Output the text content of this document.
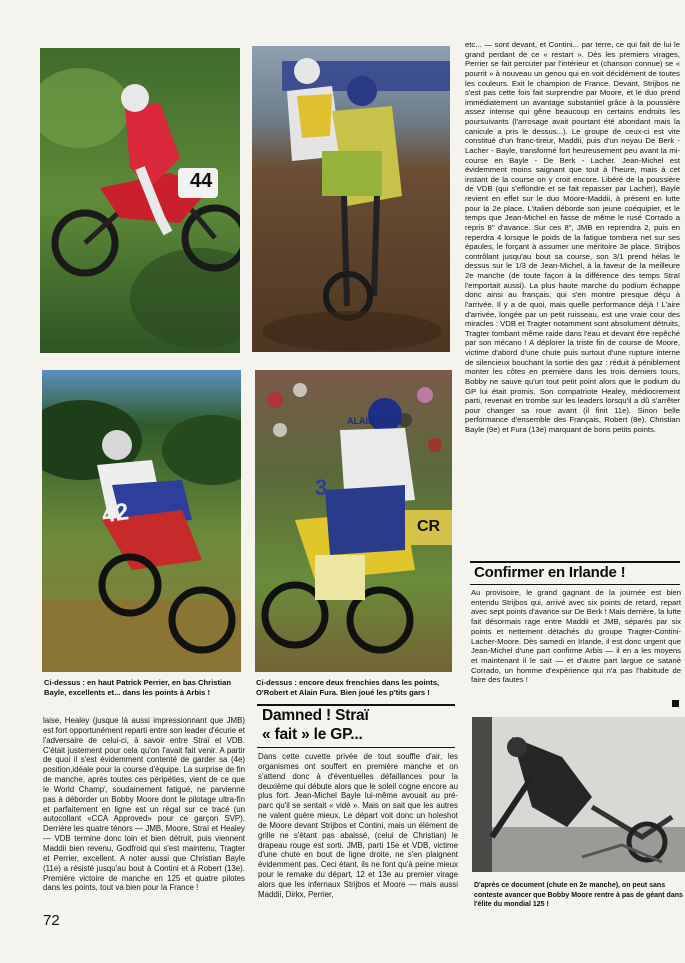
44
42
ALAIN FURA
3
CR
Ci-dessus : en haut Patrick Perrier, en bas Christian Bayle, excellents et... dans les points à Arbis !
Ci-dessus : encore deux frenchies dans les points, O'Robert et Alain Fura. Bien joué les p'tits gars !
D'après ce document (chute en 2e manche), on peut sans conteste avancer que Bobby Moore rentre à pas de géant dans l'élite du mondial 125 !

laise, Healey (jusque là aussi impressionnant que JMB) est fort opportunément reparti entre son leader d'écurie et l'adversaire de celui-ci, à savoir entre Straï et VDB. C'était justement pour cela qu'on l'avait fait venir. A partir de quoi il s'est évidemment contenté de garder sa (4e) position,idéale pour la course d'équipe. La surprise de fin de manche, après toutes ces péripéties, vient de ce que le World Champ', soudainement fatigué, ne parvienne pas à déborder un Bobby Moore dont le pilotage ultra-fin et parfaitement en ligne est un régal sur ce tracé (un autocollant «CCA Approved» pour ce garçon SVP). Derrière les quatre ténors — JMB, Moore, Straï et Healey — VDB termine donc loin et bien détruit, puis viennent Maddii bien revenu, Godfroid qui s'est maintenu, Tragter et Perrier, excellent. A noter aussi que Christian Bayle (11e) a résisté jusqu'au bout à Contini et à Robert (13e). Première victoire de manche en 125 et quatre pilotes dans les points, tout va bien pour la France !

Damned ! Straï
« fait » le GP...

Dans cette cuvette privée de tout souffle d'air, les organismes ont souffert en première manche et on s'attend donc à d'éventuelles défaillances pour la deuxième qui débute alors que le soleil cogne encore au plus fort. Jean-Michel Bayle lui-même avouait au pré-parc qu'il se sentait « vidé ». Mais on sait que les autres ne valent guère mieux. Le départ voit donc un holeshot de Moore devant Strijbos et Contini, mais un élément de grille ne s'étant pas abaissé, (celui de Christian) le drapeau rouge est sorti. JMB, parti 15e et VDB, victime d'une chute en bout de ligne droite, ne s'en plaignent évidemment pas. Ceci étant, ils ne font qu'à peine mieux pour le remake du départ, 12 et 13e au premier virage alors que les infernaux Strijbos et Moore — mais aussi Maddii, Dirkx, Perrier,

etc... — sont devant, et Contini... par terre, ce qui fait de lui le grand perdant de ce « restart ». Dès les premiers virages, Perrier se fait percuter par l'intérieur et (chanson connue) se « pourrit » à nouveau un genou qui en voit décidément de toutes les couleurs. Exit le champion de France. Devant, Strijbos ne s'est pas cette fois fait surprendre par Moore, et le duo prend immédiatement un avantage substantiel grâce à la poussière assez intense qui gêne beaucoup en certains endroits les poursuivants (l'arrosage avait pourtant été abondant mais la canicule a pris le dessus...). Le groupe de ceux-ci est vite constitué d'un franc-tireur, Maddii, puis d'un noyau De Berk - Lacher - Bayle, transformé fort heureusement peu avant la mi-course en Bayle - De Berk - Lacher. Jean-Michel est évidemment moins saignant que tout à l'heure, mais à cet instant de la course on y croit encore. Libéré de la poussière de VDB (qui s'effondre et se fait repasser par Lacher), Bayle revient en effet sur le duo Moore-Maddii, à présent en lutte pour la 2e place. L'italien déborde son jeune coéquipier, et le temps que Jean-Michel en fasse de même le rusé Corrado a repris 8" d'avance. Sur ces 8", JMB en reprendra 2, puis en reperdra 4 lorsque le poids de la fatigue tombera net sur ses épaules, le forçant à assumer une méritoire 3e place. Strijbos contrôlant jusqu'au bout sa course, son 3/1 prend hélas le dessus sur le 1/3 de Jean-Michel, à la faveur de la meilleure 2e manche (de toute façon à la différence des temps Straï l'emportait aussi). La plus haute marche du podium échappe donc ainsi au français, qui s'en montre presque déçu à l'arrivée. Il y a de quoi, mais quelle performance déjà ! L'aire d'arrivée, longée par un petit ruisseau, est une vraie cour des miracles : VDB et Tragter notamment sont absolument détruits, Tragter tombant même raide dans l'eau et devant être repêché par son mécano ! A déplorer la triste fin de course de Moore, victime d'abord d'une chute puis surtout d'une rupture interne de silencieux bouchant la sortie des gaz : réduit à péniblement monter les côtes en première dans les trois derniers tours, Bobby ne sauve qu'un tout petit point alors que le podium du GP lui était promis. Son compatriote Healey, médiocrement parti, revenait en trombe sur les leaders lorsqu'il a dû s'arrêter pour changer sa roue avant (il finit 11e). Sinon belle performance d'ensemble des Français, Robert (8e), Christian Bayle (9e) et Fura (13e) marquant de bons petits points.

Confirmer en Irlande !

Au provisoire, le grand gagnant de la journée est bien entendu Strijbos qui, arrivé avec six points de retard, repart avec sept points d'avance sur De Berk ! Mais derrière, la lutte fait désormais rage entre Maddii et JMB, séparés par six points et nettement détachés du groupe Tragter-Contini-Lacher-Moore. Dès samedi en Irlande, il est donc urgent que Jean-Michel d'une part confirme Arbis — il en a les moyens et maintenant il le sait — et d'autre part largue ce satané Corrado, un homme d'expérience qui n'a pas l'habitude de faire des fautes !

72
